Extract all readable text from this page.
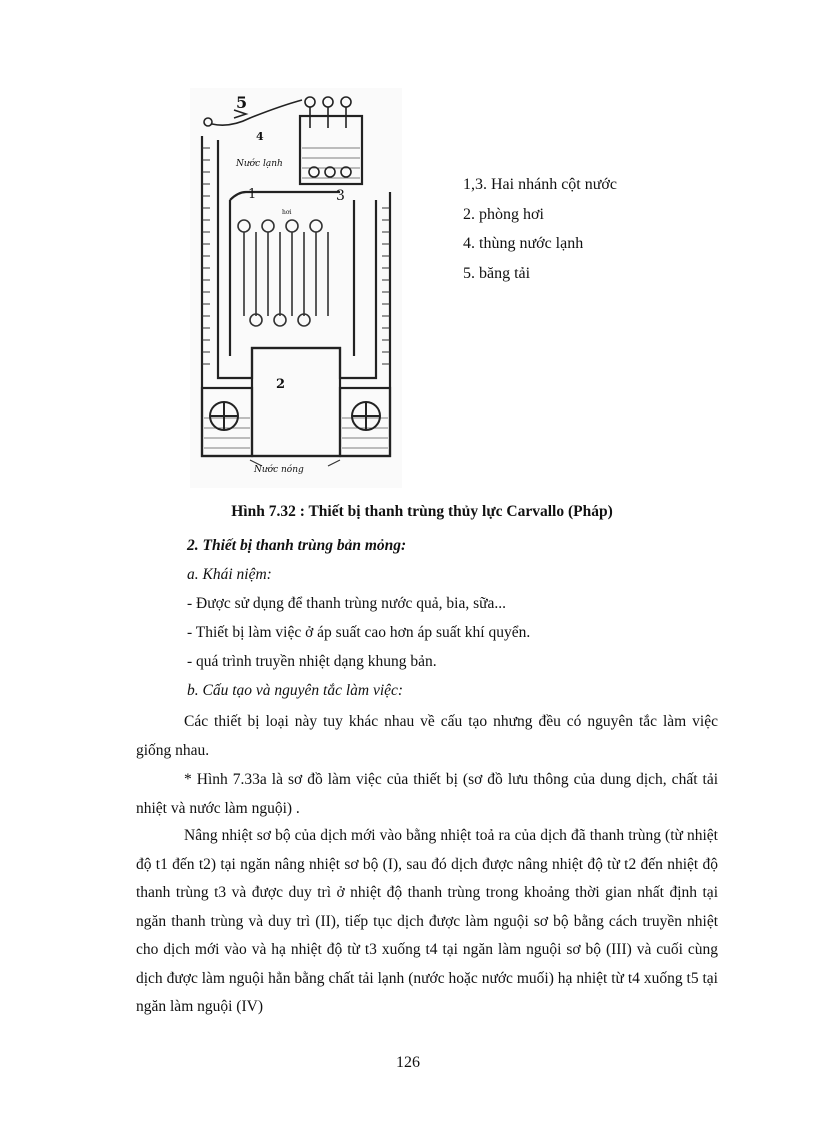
5
4
1	3
2
Nước lạnh
Nước nóng
hơi
1,3. Hai nhánh cột nước
2. phòng hơi
4. thùng nước lạnh
5. băng tải
Hình 7.32 : Thiết bị thanh trùng thủy lực Carvallo (Pháp)
2. Thiết bị thanh trùng bản mỏng:
a. Khái niệm:
- Được sử dụng để thanh trùng nước quả, bia, sữa...
- Thiết bị làm việc ở áp suất cao hơn áp suất khí quyển.
- quá trình truyền nhiệt dạng khung bản.
b. Cấu tạo và nguyên tắc làm việc:
Các thiết bị loại này tuy khác nhau về cấu tạo nhưng đều có nguyên tắc làm việc giống nhau.
* Hình 7.33a là sơ đồ làm việc của thiết bị (sơ đồ lưu thông của dung dịch, chất tải nhiệt và nước làm nguội) .
Nâng nhiệt sơ bộ của dịch mới vào bằng nhiệt toả ra của dịch đã thanh trùng (từ nhiệt độ t1 đến t2) tại ngăn nâng nhiệt sơ bộ (I), sau đó dịch được nâng nhiệt độ từ t2 đến nhiệt độ thanh trùng t3 và được duy trì ở nhiệt độ thanh trùng trong khoảng thời gian nhất định tại ngăn thanh trùng và duy trì (II), tiếp tục dịch được làm nguội sơ bộ bằng cách truyền nhiệt cho dịch mới vào và hạ nhiệt độ từ t3 xuống t4 tại ngăn làm nguội sơ bộ (III) và cuối cùng dịch được làm nguội hẳn bằng chất tải lạnh (nước hoặc nước muối) hạ nhiệt từ t4 xuống t5 tại ngăn làm nguội (IV)
126
